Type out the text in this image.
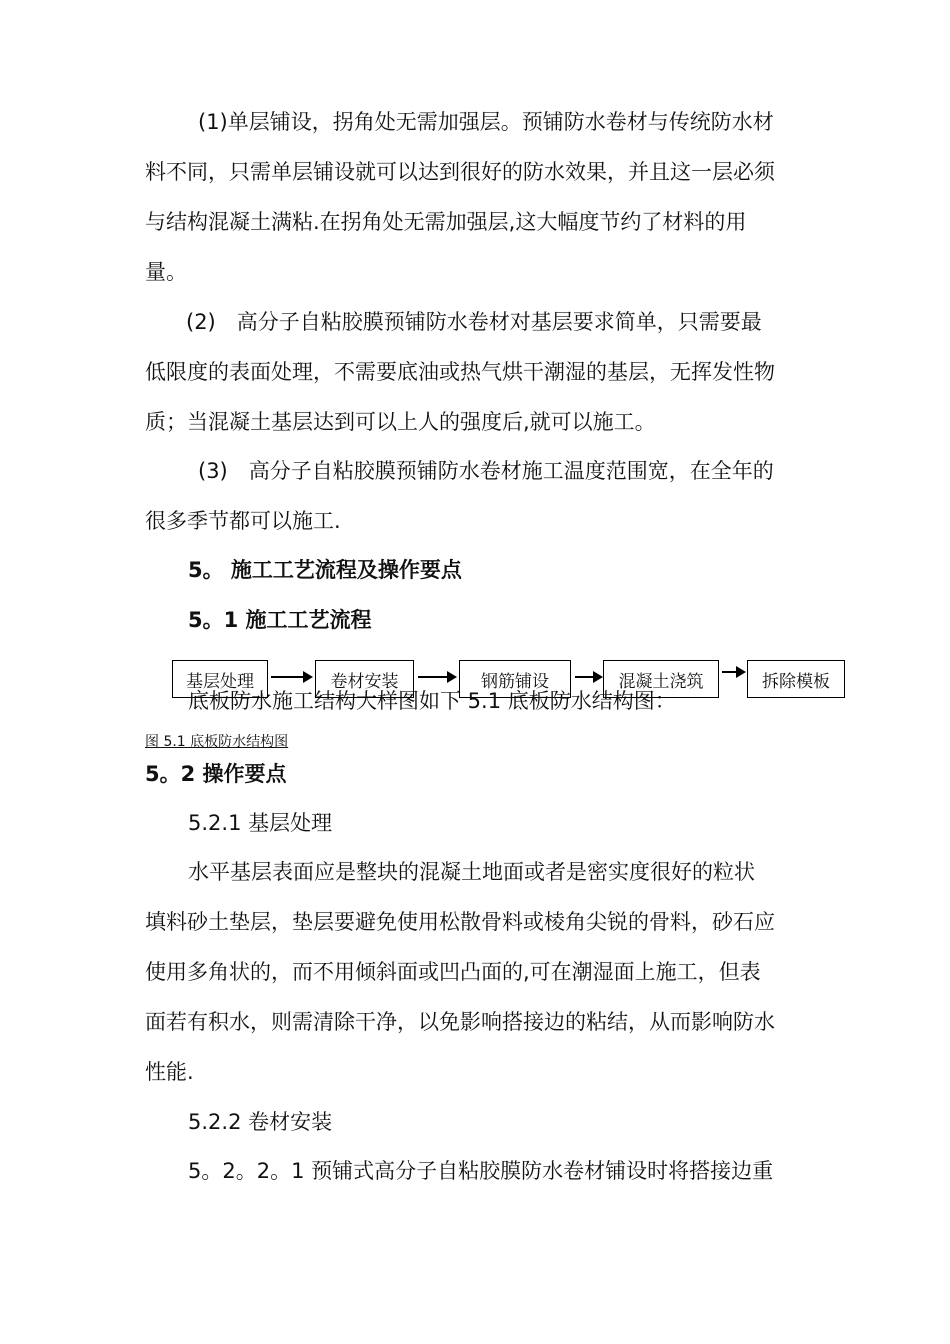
(1)单层铺设，拐角处无需加强层。预铺防水卷材与传统防水材
料不同，只需单层铺设就可以达到很好的防水效果，并且这一层必须
与结构混凝土满粘.在拐角处无需加强层,这大幅度节约了材料的用
量。
(2)　高分子自粘胶膜预铺防水卷材对基层要求简单，只需要最
低限度的表面处理，不需要底油或热气烘干潮湿的基层，无挥发性物
质；当混凝土基层达到可以上人的强度后,就可以施工。
(3)　高分子自粘胶膜预铺防水卷材施工温度范围宽，在全年的
很多季节都可以施工.
5。 施工工艺流程及操作要点
5。1 施工工艺流程
底板防水施工结构大样图如下 5.1 底板防水结构图：
基层处理	卷材安装	钢筋铺设	混凝土浇筑	拆除模板
图 5.1 底板防水结构图
5。2 操作要点
5.2.1 基层处理
水平基层表面应是整块的混凝土地面或者是密实度很好的粒状
填料砂土垫层，垫层要避免使用松散骨料或棱角尖锐的骨料，砂石应
使用多角状的，而不用倾斜面或凹凸面的,可在潮湿面上施工，但表
面若有积水，则需清除干净，以免影响搭接边的粘结，从而影响防水
性能.
5.2.2 卷材安装
5。2。2。1 预铺式高分子自粘胶膜防水卷材铺设时将搭接边重
